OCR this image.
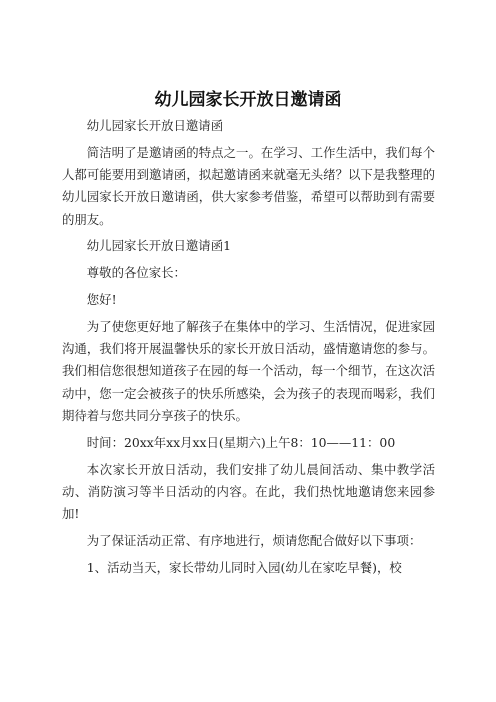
幼儿园家长开放日邀请函

幼儿园家长开放日邀请函

简洁明了是邀请函的特点之一。在学习、工作生活中，我们每个人都可能要用到邀请函，拟起邀请函来就毫无头绪？以下是我整理的幼儿园家长开放日邀请函，供大家参考借鉴，希望可以帮助到有需要的朋友。

幼儿园家长开放日邀请函1

尊敬的各位家长：

您好!

为了使您更好地了解孩子在集体中的学习、生活情况，促进家园沟通，我们将开展温馨快乐的家长开放日活动，盛情邀请您的参与。我们相信您很想知道孩子在园的每一个活动，每一个细节，在这次活动中，您一定会被孩子的快乐所感染，会为孩子的表现而喝彩，我们期待着与您共同分享孩子的快乐。

时间：20xx年xx月xx日(星期六)上午8：10——11：00

本次家长开放日活动，我们安排了幼儿晨间活动、集中教学活动、消防演习等半日活动的内容。在此，我们热忱地邀请您来园参加!

为了保证活动正常、有序地进行，烦请您配合做好以下事项：

1、活动当天，家长带幼儿同时入园(幼儿在家吃早餐)，校
